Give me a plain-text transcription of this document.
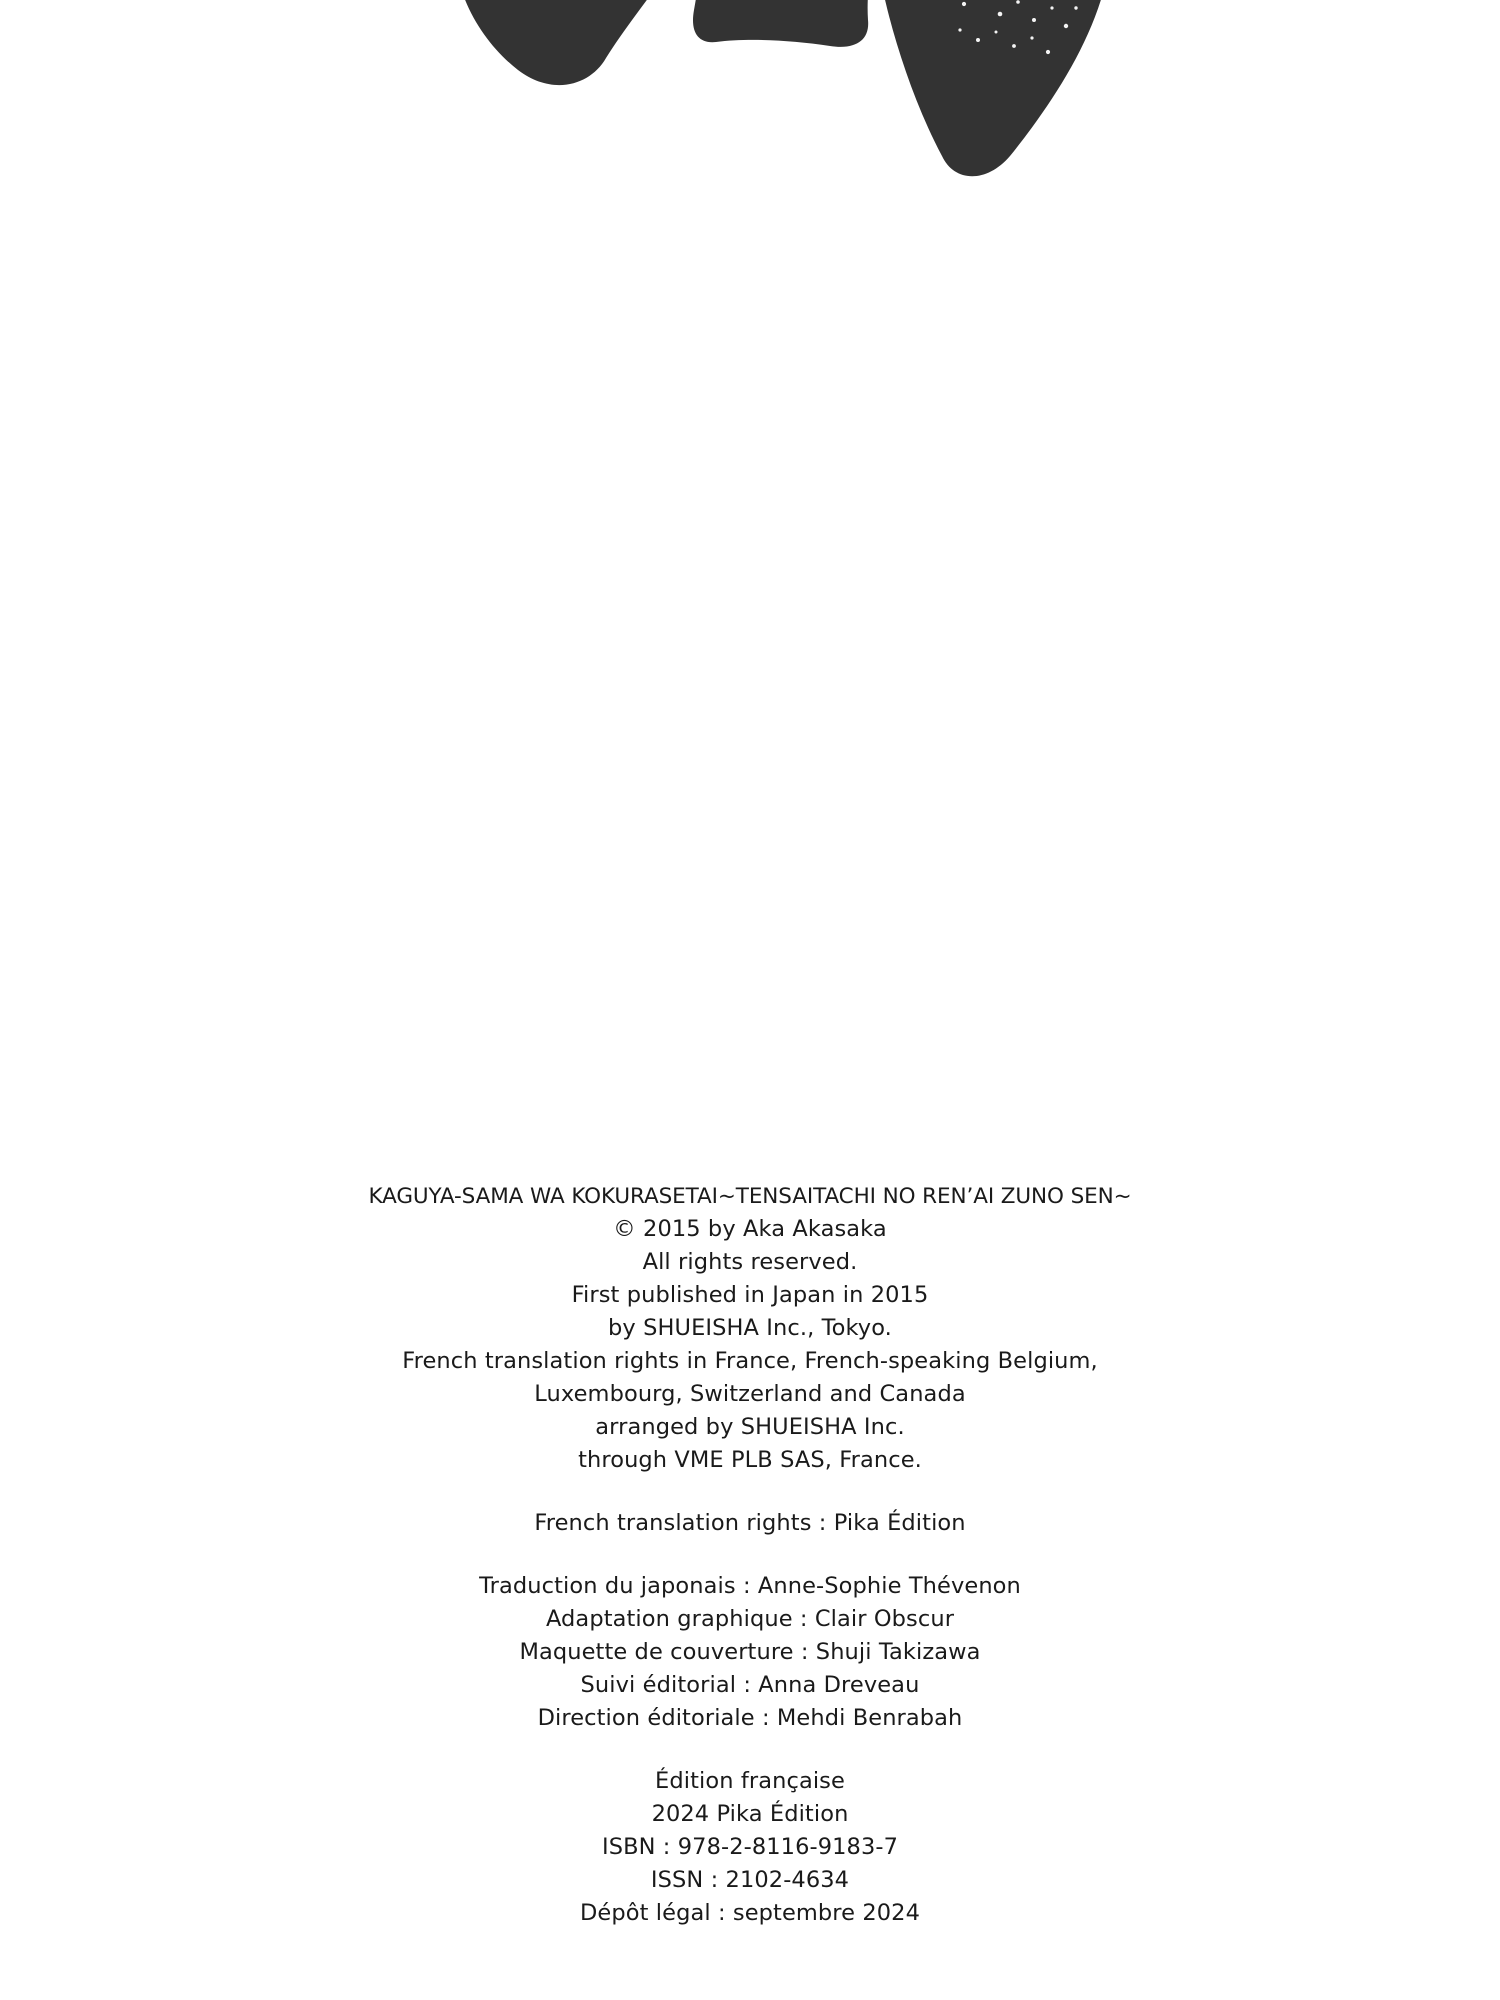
KAGUYA-SAMA WA KOKURASETAI~TENSAITACHI NO REN’AI ZUNO SEN~
© 2015 by Aka Akasaka
All rights reserved.
First published in Japan in 2015
by SHUEISHA Inc., Tokyo.
French translation rights in France, French-speaking Belgium,
Luxembourg, Switzerland and Canada
arranged by SHUEISHA Inc.
through VME PLB SAS, France.
French translation rights : Pika Édition
Traduction du japonais : Anne-Sophie Thévenon
Adaptation graphique : Clair Obscur
Maquette de couverture : Shuji Takizawa
Suivi éditorial : Anna Dreveau
Direction éditoriale : Mehdi Benrabah
Édition française
2024 Pika Édition
ISBN : 978-2-8116-9183-7
ISSN : 2102-4634
Dépôt légal : septembre 2024
